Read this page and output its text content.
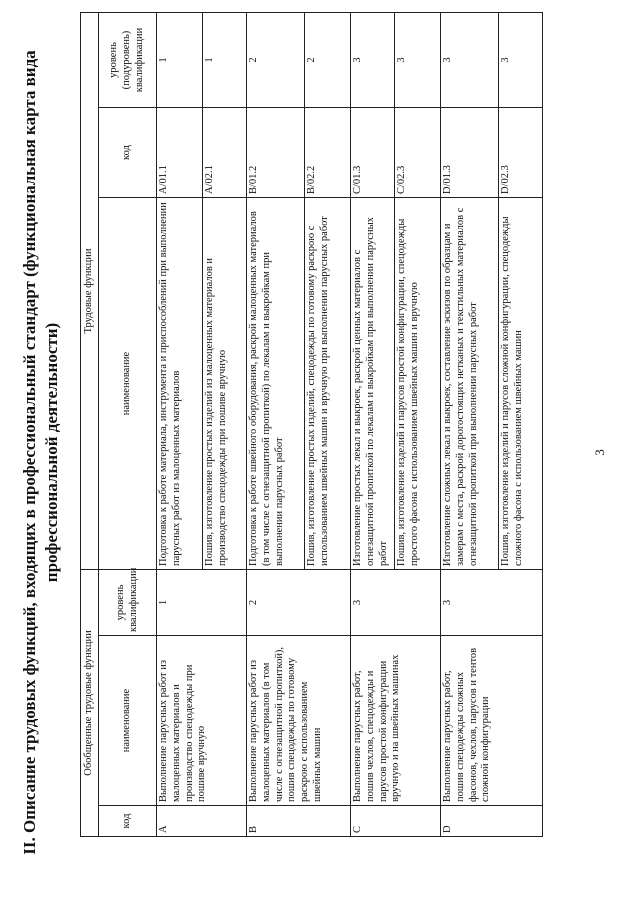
3
II. Описание трудовых функций, входящих в профессиональный стандарт (функциональная карта вида профессиональной деятельности)
Обобщенные трудовые функции			Трудовые функции		
код	наименование	уровень квалификации	наименование	код	уровень (подуровень) квалификации
A	Выполнение парусных работ из малоценных материалов и производство спецодежды при пошиве вручную	1	Подготовка к работе материала, инструмента и приспособлений при выполнении парусных работ из малоценных материалов	A/01.1	1
			Пошив, изготовление простых изделий из малоценных материалов и производство спецодежды при пошиве вручную	A/02.1	1
B	Выполнение парусных работ из малоценных материалов (в том числе с огнезащитной пропиткой), пошив спецодежды по готовому раскрою с использованием швейных машин	2	Подготовка к работе швейного оборудования, раскрой малоценных материалов (в том числе с огнезащитной пропиткой) по лекалам и выкройкам при выполнении парусных работ	B/01.2	2
			Пошив, изготовление простых изделий, спецодежды по готовому раскрою с использованием швейных машин и вручную при выполнении парусных работ	B/02.2	2
C	Выполнение парусных работ, пошив чехлов, спецодежды и парусов простой конфигурации вручную и на швейных машинах	3	Изготовление простых лекал и выкроек, раскрой ценных материалов с огнезащитной пропиткой по лекалам и выкройкам при выполнении парусных работ	C/01.3	3
			Пошив, изготовление изделий и парусов простой конфигурации, спецодежды простого фасона с использованием швейных машин и вручную	C/02.3	3
D	Выполнение парусных работ, пошив спецодежды сложных фасонов, чехлов, парусов и тентов сложной конфигурации	3	Изготовление сложных лекал и выкроек, составление эскизов по образцам и замерам с места, раскрой дорогостоящих нетканых и текстильных материалов с огнезащитной пропиткой при выполнении парусных работ	D/01.3	3
			Пошив, изготовление изделий и парусов сложной конфигурации, спецодежды сложного фасона с использованием швейных машин	D/02.3	3
